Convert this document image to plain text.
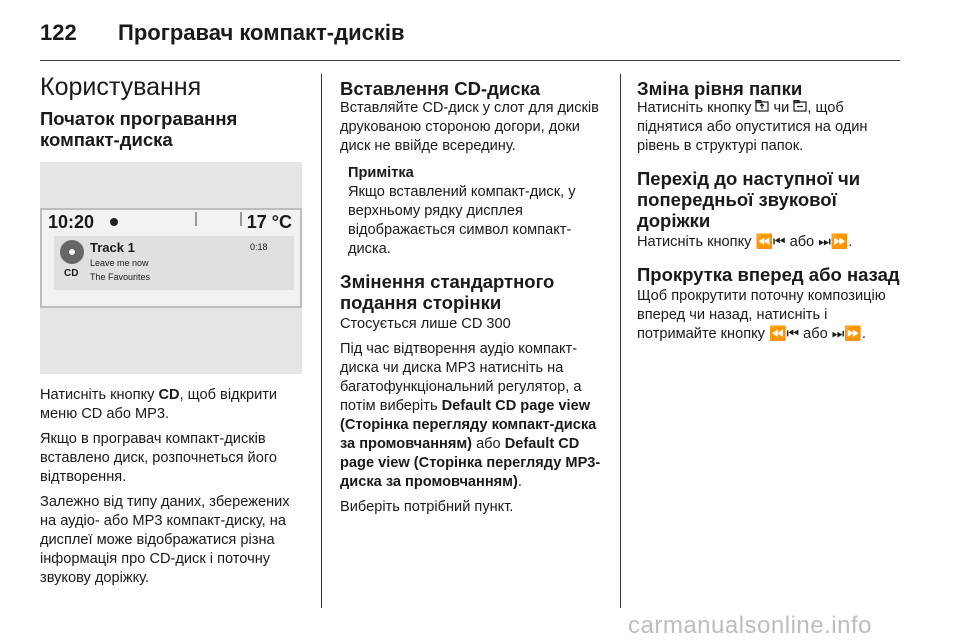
122 Програвач компакт-дисків
Користування
Початок програвання компакт-диска
10:20	17 °C
CD
Track 1
Leave me now
The Favourites
0:18

Натисніть кнопку CD, щоб відкрити меню CD або MP3.

Якщо в програвач компакт-дисків вставлено диск, розпочнеться його відтворення.

Залежно від типу даних, збережених на аудіо- або MP3 компакт-диску, на дисплеї може відображатися різна інформація про CD-диск і поточну звукову доріжку.

Вставлення CD-диска

Вставляйте CD-диск у слот для дисків друкованою стороною догори, доки диск не ввійде всередину.

Примітка

Якщо вставлений компакт-диск, у верхньому рядку дисплея відображається символ компакт-диска.

Змінення стандартного подання сторінки

Стосується лише CD 300

Під час відтворення аудіо компакт-диска чи диска MP3 натисніть на багатофункціональний регулятор, а потім виберіть Default CD page view (Сторінка перегляду компакт-диска за промовчанням) або Default CD page view (Сторінка перегляду MP3-диска за промовчанням).

Виберіть потрібний пункт.

Зміна рівня папки

Натисніть кнопку  чи , щоб піднятися або опуститися на один рівень в структурі папок.

Перехід до наступної чи попередньої звукової доріжки

Натисніть кнопку ⏪⏮ або ⏭⏩.

Прокрутка вперед або назад

Щоб прокрутити поточну композицію вперед чи назад, натисніть і потримайте кнопку ⏪⏮ або ⏭⏩.

carmanualsonline.info
